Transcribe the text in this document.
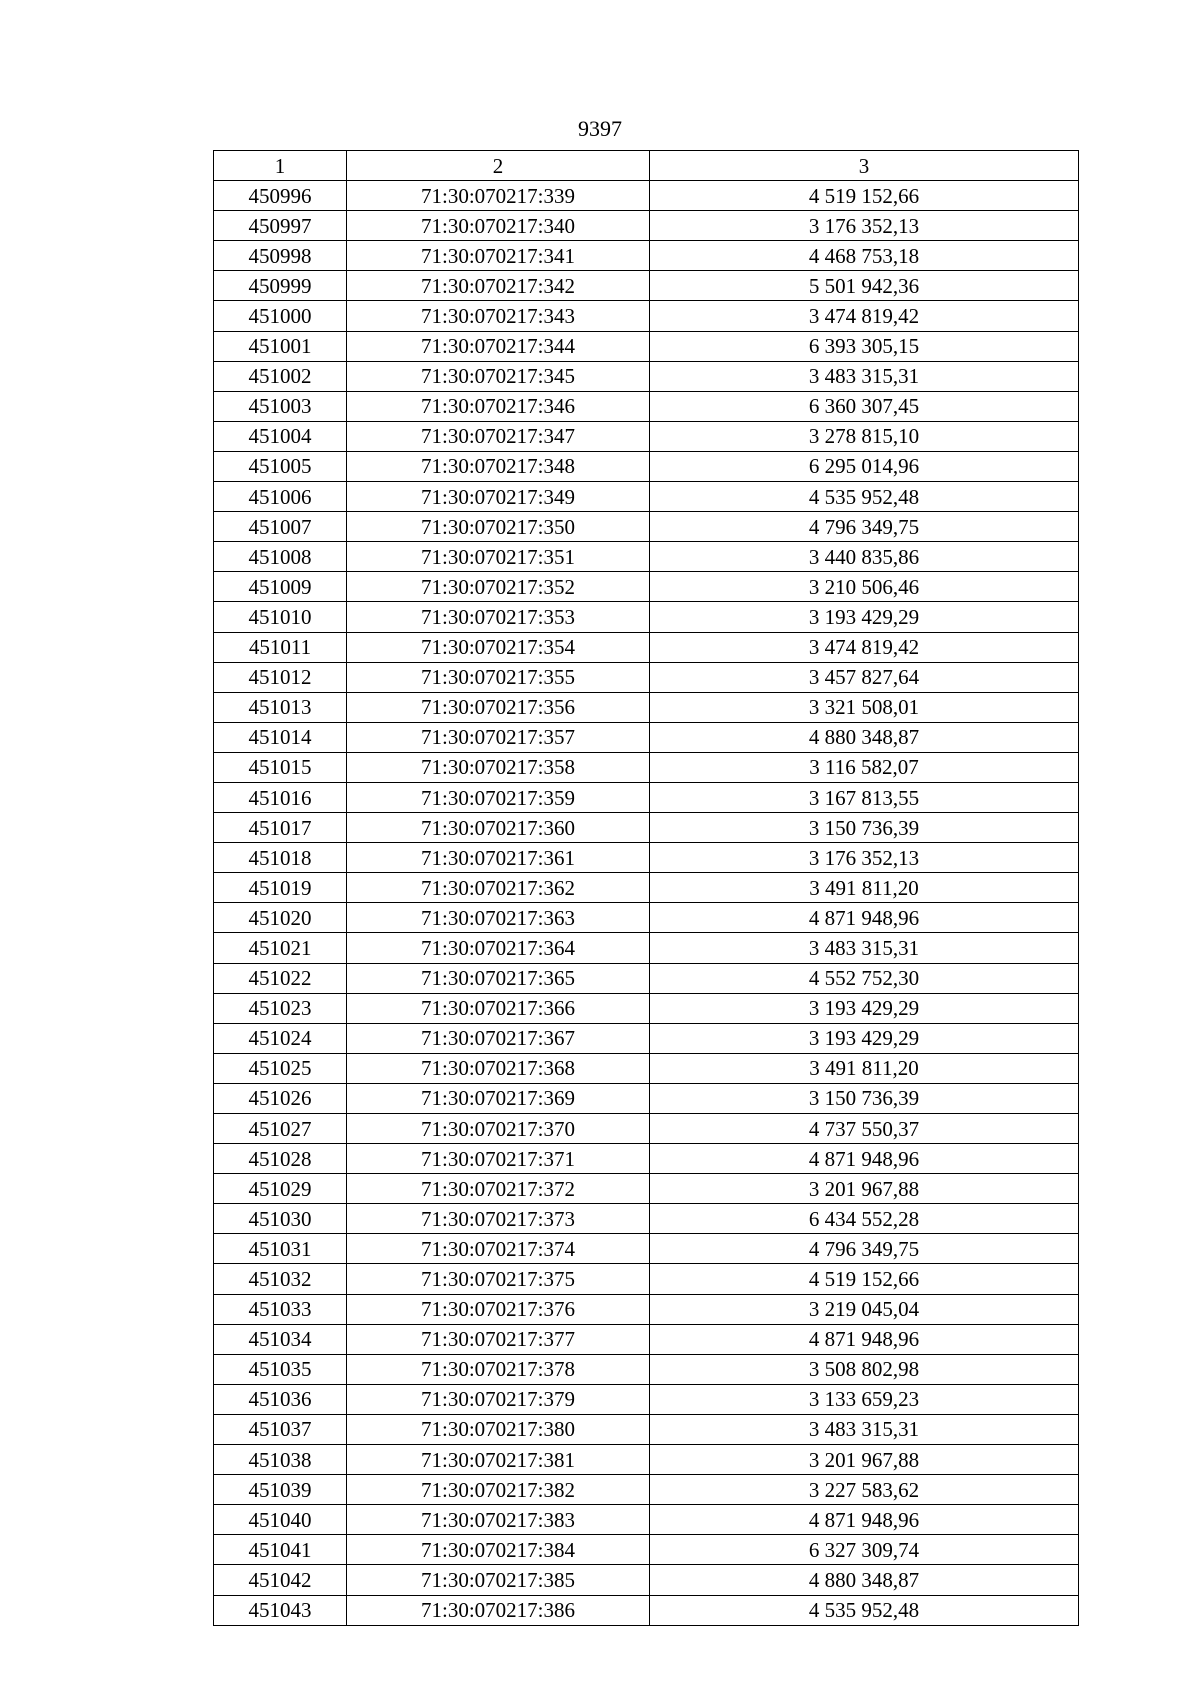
9397
1	2	3
450996	71:30:070217:339	4 519 152,66
450997	71:30:070217:340	3 176 352,13
450998	71:30:070217:341	4 468 753,18
450999	71:30:070217:342	5 501 942,36
451000	71:30:070217:343	3 474 819,42
451001	71:30:070217:344	6 393 305,15
451002	71:30:070217:345	3 483 315,31
451003	71:30:070217:346	6 360 307,45
451004	71:30:070217:347	3 278 815,10
451005	71:30:070217:348	6 295 014,96
451006	71:30:070217:349	4 535 952,48
451007	71:30:070217:350	4 796 349,75
451008	71:30:070217:351	3 440 835,86
451009	71:30:070217:352	3 210 506,46
451010	71:30:070217:353	3 193 429,29
451011	71:30:070217:354	3 474 819,42
451012	71:30:070217:355	3 457 827,64
451013	71:30:070217:356	3 321 508,01
451014	71:30:070217:357	4 880 348,87
451015	71:30:070217:358	3 116 582,07
451016	71:30:070217:359	3 167 813,55
451017	71:30:070217:360	3 150 736,39
451018	71:30:070217:361	3 176 352,13
451019	71:30:070217:362	3 491 811,20
451020	71:30:070217:363	4 871 948,96
451021	71:30:070217:364	3 483 315,31
451022	71:30:070217:365	4 552 752,30
451023	71:30:070217:366	3 193 429,29
451024	71:30:070217:367	3 193 429,29
451025	71:30:070217:368	3 491 811,20
451026	71:30:070217:369	3 150 736,39
451027	71:30:070217:370	4 737 550,37
451028	71:30:070217:371	4 871 948,96
451029	71:30:070217:372	3 201 967,88
451030	71:30:070217:373	6 434 552,28
451031	71:30:070217:374	4 796 349,75
451032	71:30:070217:375	4 519 152,66
451033	71:30:070217:376	3 219 045,04
451034	71:30:070217:377	4 871 948,96
451035	71:30:070217:378	3 508 802,98
451036	71:30:070217:379	3 133 659,23
451037	71:30:070217:380	3 483 315,31
451038	71:30:070217:381	3 201 967,88
451039	71:30:070217:382	3 227 583,62
451040	71:30:070217:383	4 871 948,96
451041	71:30:070217:384	6 327 309,74
451042	71:30:070217:385	4 880 348,87
451043	71:30:070217:386	4 535 952,48
